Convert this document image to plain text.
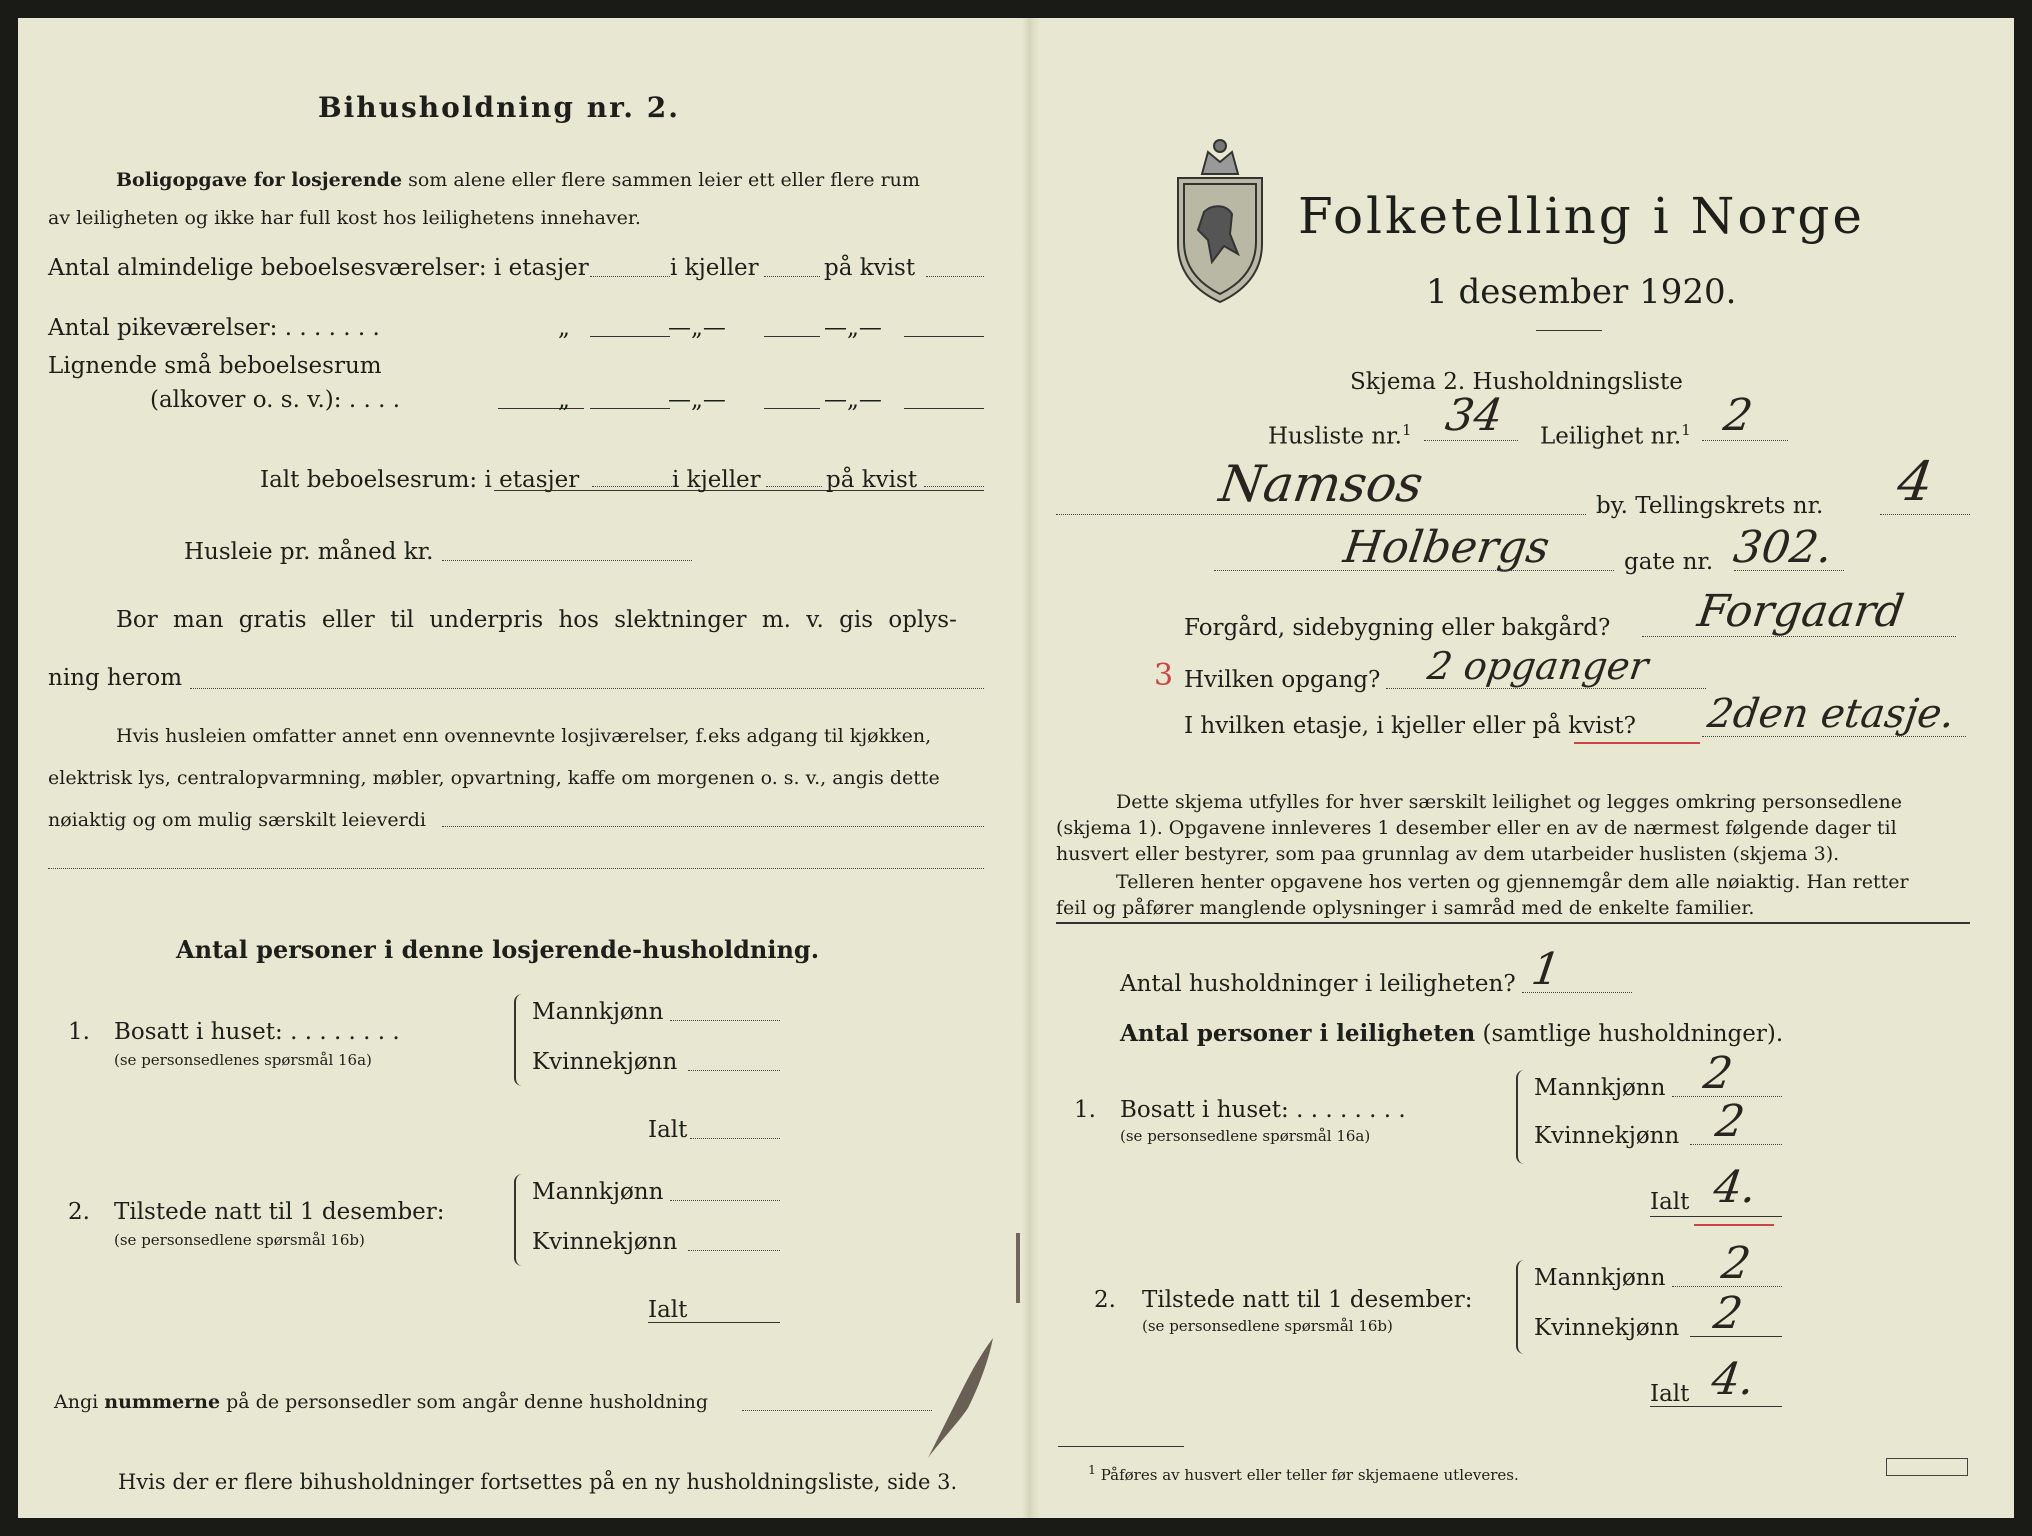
Bihusholdning nr. 2.
Boligopgave for losjerende som alene eller flere sammen leier ett eller flere rum
av leiligheten og ikke har full kost hos leilighetens innehaver.
Antal almindelige beboelsesværelser: i etasjer	i kjeller	på kvist
Antal pikeværelser: . . . . . . .	„	—„—	—„—
Lignende små beboelsesrum
(alkover o. s. v.): . . . .	„	—„—	—„—
Ialt beboelsesrum: i etasjer	i kjeller	på kvist
Husleie pr. måned kr.
Bor man gratis eller til underpris hos slektninger m. v. gis oplys-
ning herom
Hvis husleien omfatter annet enn ovennevnte losjiværelser, f.eks adgang til kjøkken,
elektrisk lys, centralopvarmning, møbler, opvartning, kaffe om morgenen o. s. v., angis dette
nøiaktig og om mulig særskilt leieverdi
Antal personer i denne losjerende-husholdning.
1. Bosatt i huset: . . . . . . . .
(se personsedlenes spørsmål 16a)
Mannkjønn
Kvinnekjønn
Ialt
2. Tilstede natt til 1 desember:
(se personsedlene spørsmål 16b)
Mannkjønn
Kvinnekjønn
Ialt
Angi nummerne på de personsedler som angår denne husholdning
Hvis der er flere bihusholdninger fortsettes på en ny husholdningsliste, side 3.
Folketelling i Norge
1 desember 1920.
Skjema 2. Husholdningsliste
Husliste nr.$^1$ 34 Leilighet nr.$^1$ 2
Namsos	by. Tellingskrets nr. 4
Holbergs	gate nr. 302.
Forgård, sidebygning eller bakgård? Forgaard
3 Hvilken opgang? 2 opganger
I hvilken etasje, i kjeller eller på kvist? 2den etasje.
Dette skjema utfylles for hver særskilt leilighet og legges omkring personsedlene
(skjema 1). Opgavene innleveres 1 desember eller en av de nærmest følgende dager til
husvert eller bestyrer, som paa grunnlag av dem utarbeider huslisten (skjema 3).
Telleren henter opgavene hos verten og gjennemgår dem alle nøiaktig. Han retter
feil og påfører manglende oplysninger i samråd med de enkelte familier.
Antal husholdninger i leiligheten? 1
Antal personer i leiligheten (samtlige husholdninger).
1. Bosatt i huset: . . . . . . . .
(se personsedlene spørsmål 16a)
Mannkjønn 2
Kvinnekjønn 2
Ialt 4.
2. Tilstede natt til 1 desember:
(se personsedlene spørsmål 16b)
Mannkjønn 2
Kvinnekjønn 2
Ialt 4.
$^1$ Påføres av husvert eller teller før skjemaene utleveres.
